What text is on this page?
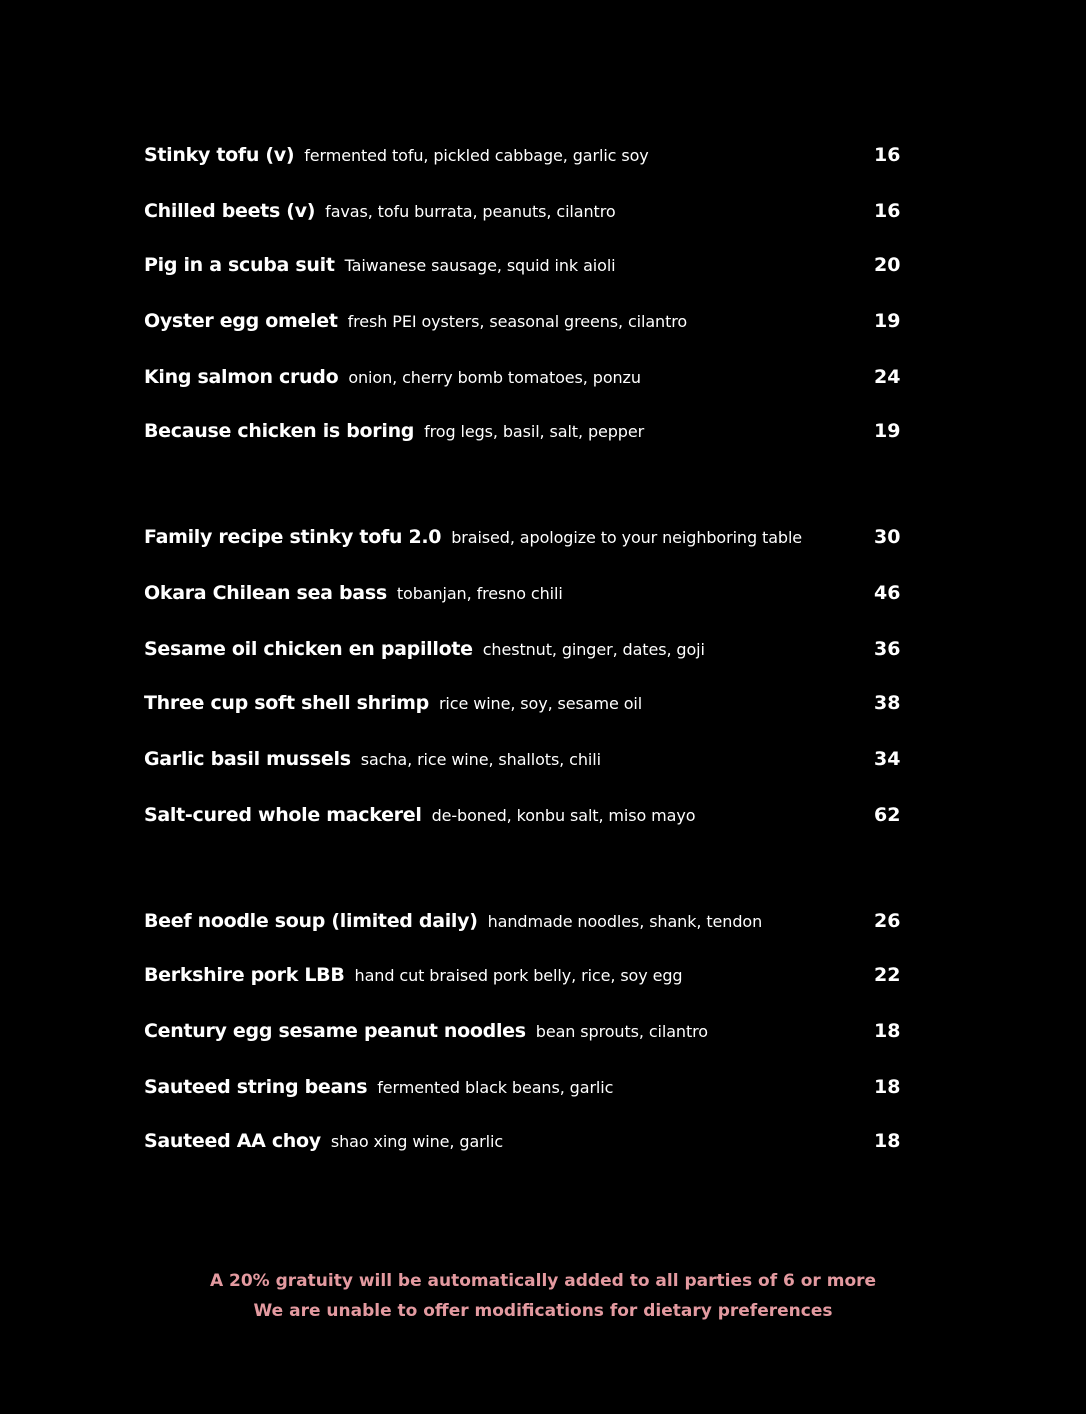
Stinky tofu (v) fermented tofu, pickled cabbage, garlic soy	16
Chilled beets (v) favas, tofu burrata, peanuts, cilantro	16
Pig in a scuba suit Taiwanese sausage, squid ink aioli	20
Oyster egg omelet fresh PEI oysters, seasonal greens, cilantro	19
King salmon crudo onion, cherry bomb tomatoes, ponzu	24
Because chicken is boring frog legs, basil, salt, pepper	19
Family recipe stinky tofu 2.0 braised, apologize to your neighboring table	30
Okara Chilean sea bass tobanjan, fresno chili	46
Sesame oil chicken en papillote chestnut, ginger, dates, goji	36
Three cup soft shell shrimp rice wine, soy, sesame oil	38
Garlic basil mussels sacha, rice wine, shallots, chili	34
Salt-cured whole mackerel de-boned, konbu salt, miso mayo	62
Beef noodle soup (limited daily) handmade noodles, shank, tendon	26
Berkshire pork LBB hand cut braised pork belly, rice, soy egg	22
Century egg sesame peanut noodles bean sprouts, cilantro	18
Sauteed string beans fermented black beans, garlic	18
Sauteed AA choy shao xing wine, garlic	18
A 20% gratuity will be automatically added to all parties of 6 or more
We are unable to offer modifications for dietary preferences
